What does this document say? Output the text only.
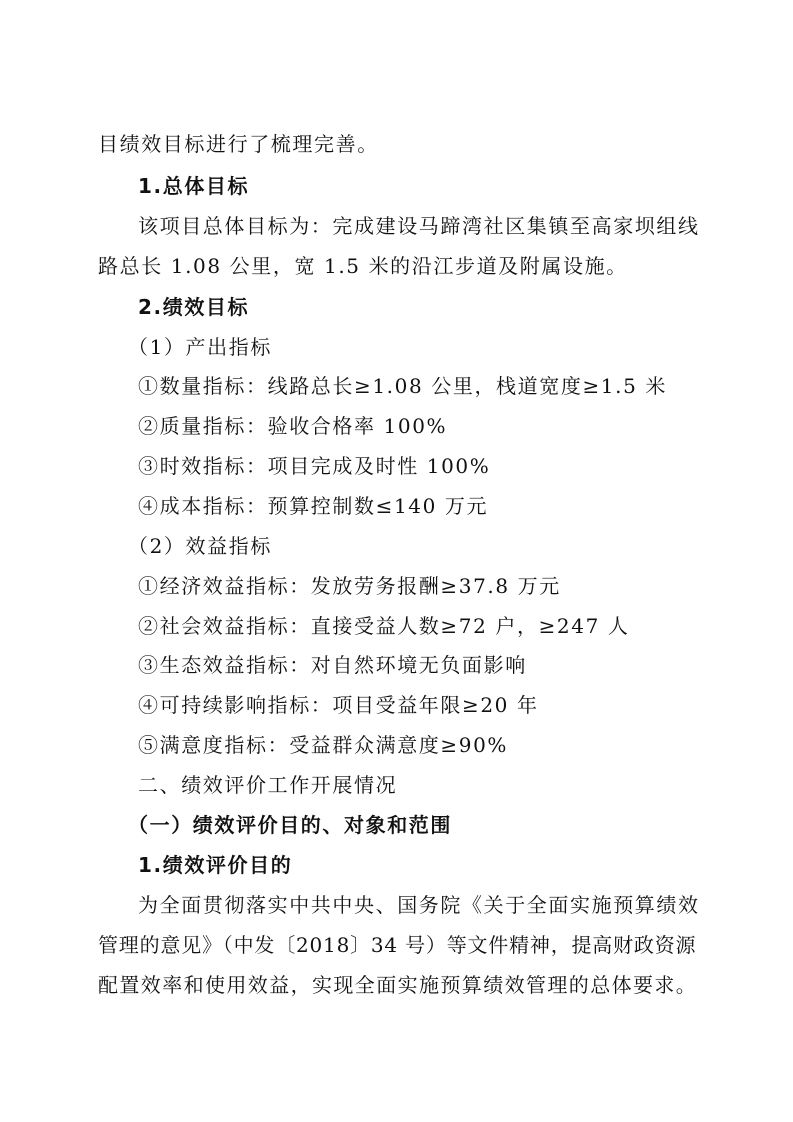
目绩效目标进行了梳理完善。
1.总体目标
该项目总体目标为：完成建设马蹄湾社区集镇至高家坝组线
路总长 1.08 公里，宽 1.5 米的沿江步道及附属设施。
2.绩效目标
（1）产出指标
①数量指标：线路总长≥1.08 公里，栈道宽度≥1.5 米
②质量指标：验收合格率 100%
③时效指标：项目完成及时性 100%
④成本指标：预算控制数≤140 万元
（2）效益指标
①经济效益指标：发放劳务报酬≥37.8 万元
②社会效益指标：直接受益人数≥72 户，≥247 人
③生态效益指标：对自然环境无负面影响
④可持续影响指标：项目受益年限≥20 年
⑤满意度指标：受益群众满意度≥90%
二、绩效评价工作开展情况
（一）绩效评价目的、对象和范围
1.绩效评价目的
为全面贯彻落实中共中央、国务院《关于全面实施预算绩效
管理的意见》（中发〔2018〕34 号）等文件精神，提高财政资源
配置效率和使用效益，实现全面实施预算绩效管理的总体要求。
